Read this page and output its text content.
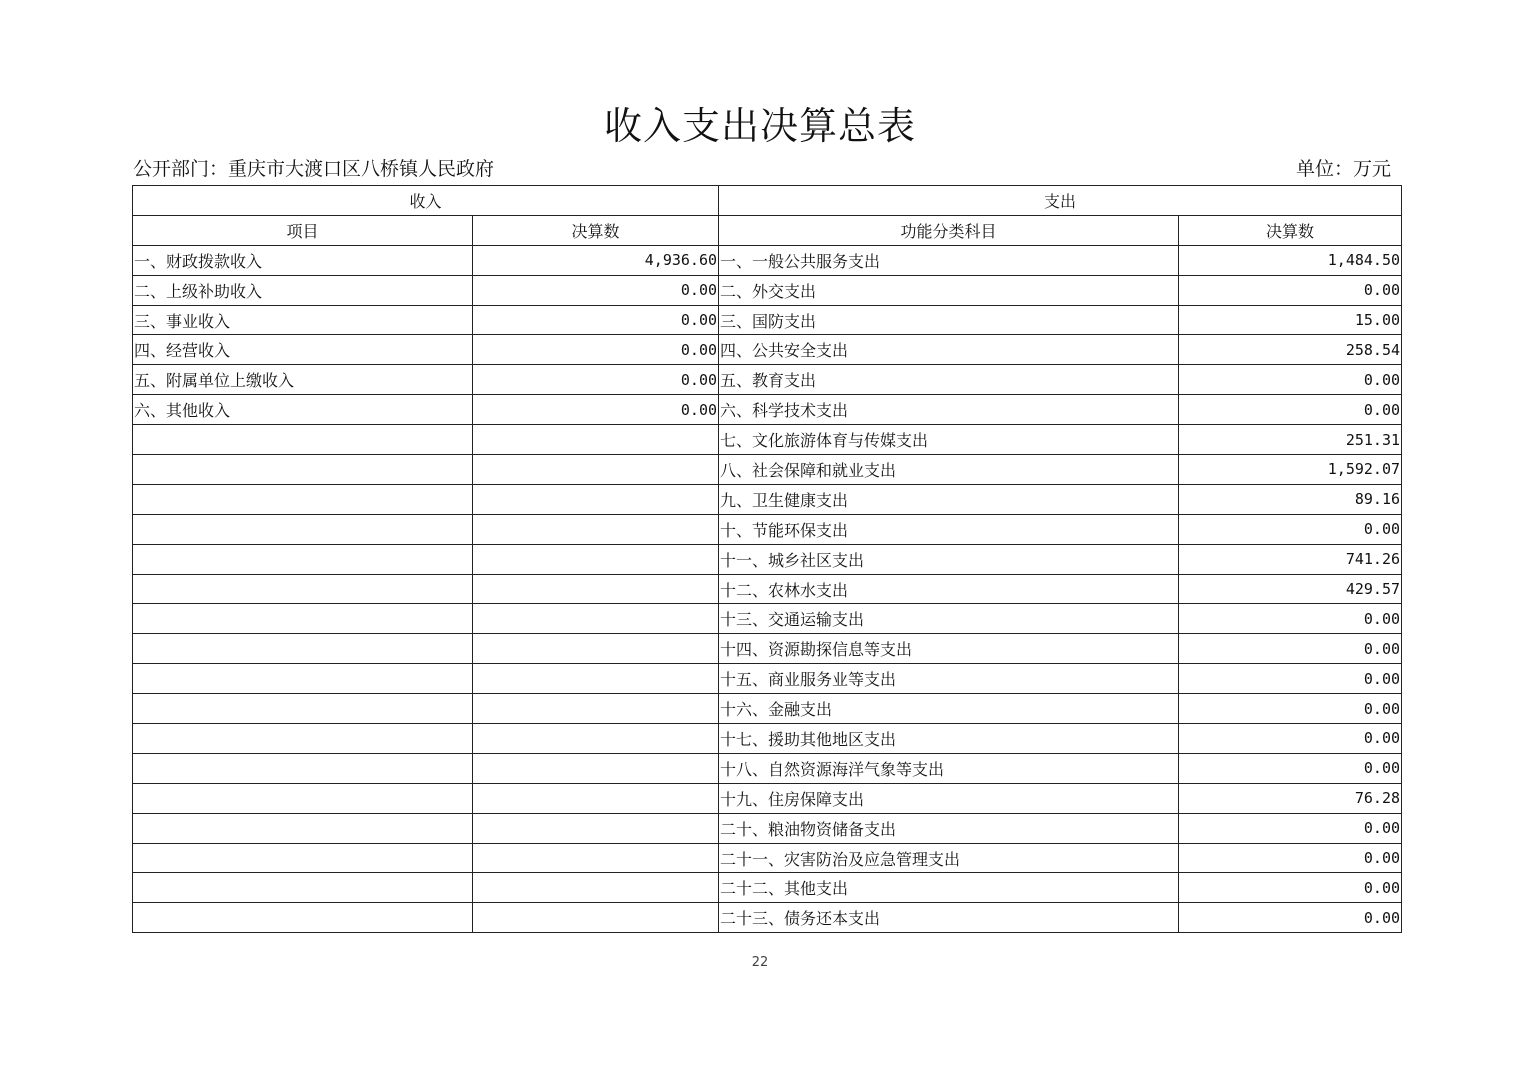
收入支出决算总表
公开部门：重庆市大渡口区八桥镇人民政府	单位：万元
收入		支出	
项目	决算数	功能分类科目	决算数
一、财政拨款收入	4,936.60	一、一般公共服务支出	1,484.50
二、上级补助收入	0.00	二、外交支出	0.00
三、事业收入	0.00	三、国防支出	15.00
四、经营收入	0.00	四、公共安全支出	258.54
五、附属单位上缴收入	0.00	五、教育支出	0.00
六、其他收入	0.00	六、科学技术支出	0.00
		七、文化旅游体育与传媒支出	251.31
		八、社会保障和就业支出	1,592.07
		九、卫生健康支出	89.16
		十、节能环保支出	0.00
		十一、城乡社区支出	741.26
		十二、农林水支出	429.57
		十三、交通运输支出	0.00
		十四、资源勘探信息等支出	0.00
		十五、商业服务业等支出	0.00
		十六、金融支出	0.00
		十七、援助其他地区支出	0.00
		十八、自然资源海洋气象等支出	0.00
		十九、住房保障支出	76.28
		二十、粮油物资储备支出	0.00
		二十一、灾害防治及应急管理支出	0.00
		二十二、其他支出	0.00
		二十三、债务还本支出	0.00
22
